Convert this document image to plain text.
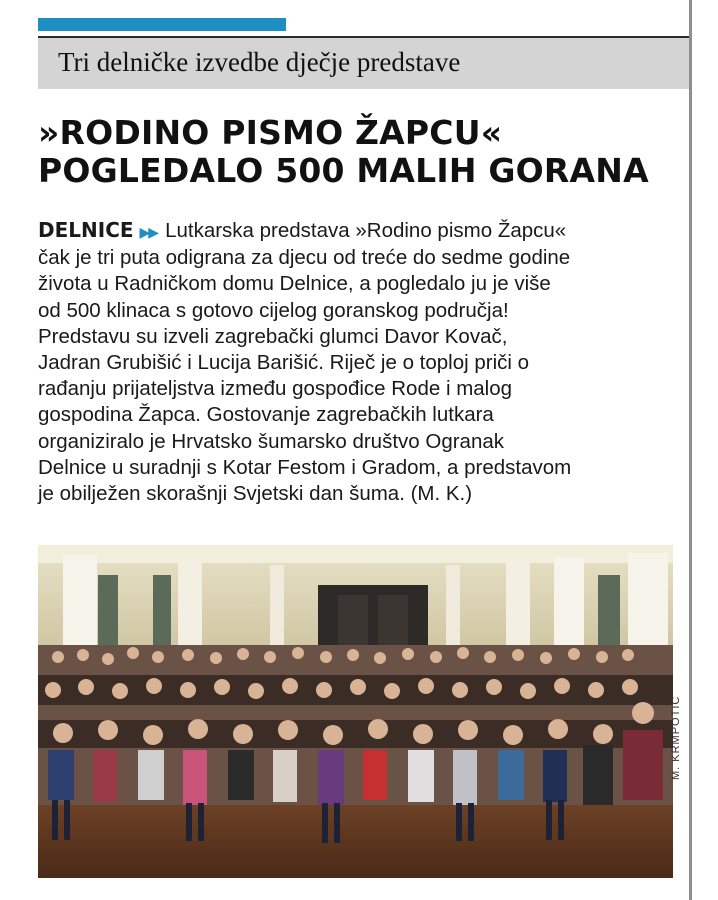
Tri delničke izvedbe dječje predstave
»RODINO PISMO ŽAPCU«
POGLEDALO 500 MALIH GORANA
DELNICE ▶▶ Lutkarska predstava »Rodino pismo Žapcu«
čak je tri puta odigrana za djecu od treće do sedme godine
života u Radničkom domu Delnice, a pogledalo ju je više
od 500 klinaca s gotovo cijelog goranskog područja!
Predstavu su izveli zagrebački glumci Davor Kovač,
Jadran Grubišić i Lucija Barišić. Riječ je o toploj priči o
rađanju prijateljstva između gospođice Rode i malog
gospodina Žapca. Gostovanje zagrebačkih lutkara
organiziralo je Hrvatsko šumarsko društvo Ogranak
Delnice u suradnji s Kotar Festom i Gradom, a predstavom
je obilježen skorašnji Svjetski dan šuma. (M. K.)
M. KRMPOTIĆ
